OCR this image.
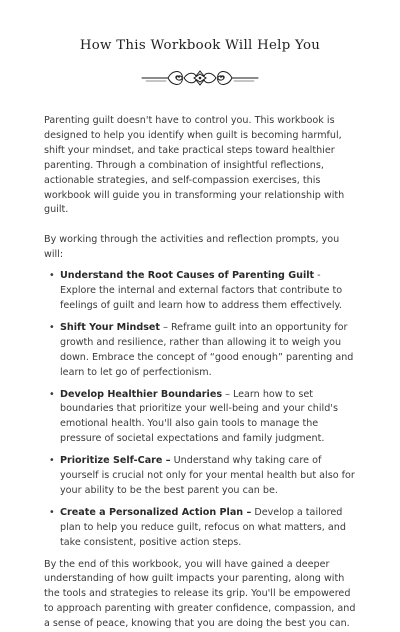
How This Workbook Will Help You

Parenting guilt doesn't have to control you. This workbook is designed to help you identify when guilt is becoming harmful, shift your mindset, and take practical steps toward healthier parenting. Through a combination of insightful reflections, actionable strategies, and self-compassion exercises, this workbook will guide you in transforming your relationship with guilt.

By working through the activities and reflection prompts, you will:

• Understand the Root Causes of Parenting Guilt - Explore the internal and external factors that contribute to feelings of guilt and learn how to address them effectively.
• Shift Your Mindset – Reframe guilt into an opportunity for growth and resilience, rather than allowing it to weigh you down. Embrace the concept of “good enough” parenting and learn to let go of perfectionism.
• Develop Healthier Boundaries – Learn how to set boundaries that prioritize your well-being and your child's emotional health. You'll also gain tools to manage the pressure of societal expectations and family judgment.
• Prioritize Self-Care – Understand why taking care of yourself is crucial not only for your mental health but also for your ability to be the best parent you can be.
• Create a Personalized Action Plan – Develop a tailored plan to help you reduce guilt, refocus on what matters, and take consistent, positive action steps.

By the end of this workbook, you will have gained a deeper understanding of how guilt impacts your parenting, along with the tools and strategies to release its grip. You'll be empowered to approach parenting with greater confidence, compassion, and a sense of peace, knowing that you are doing the best you can.
